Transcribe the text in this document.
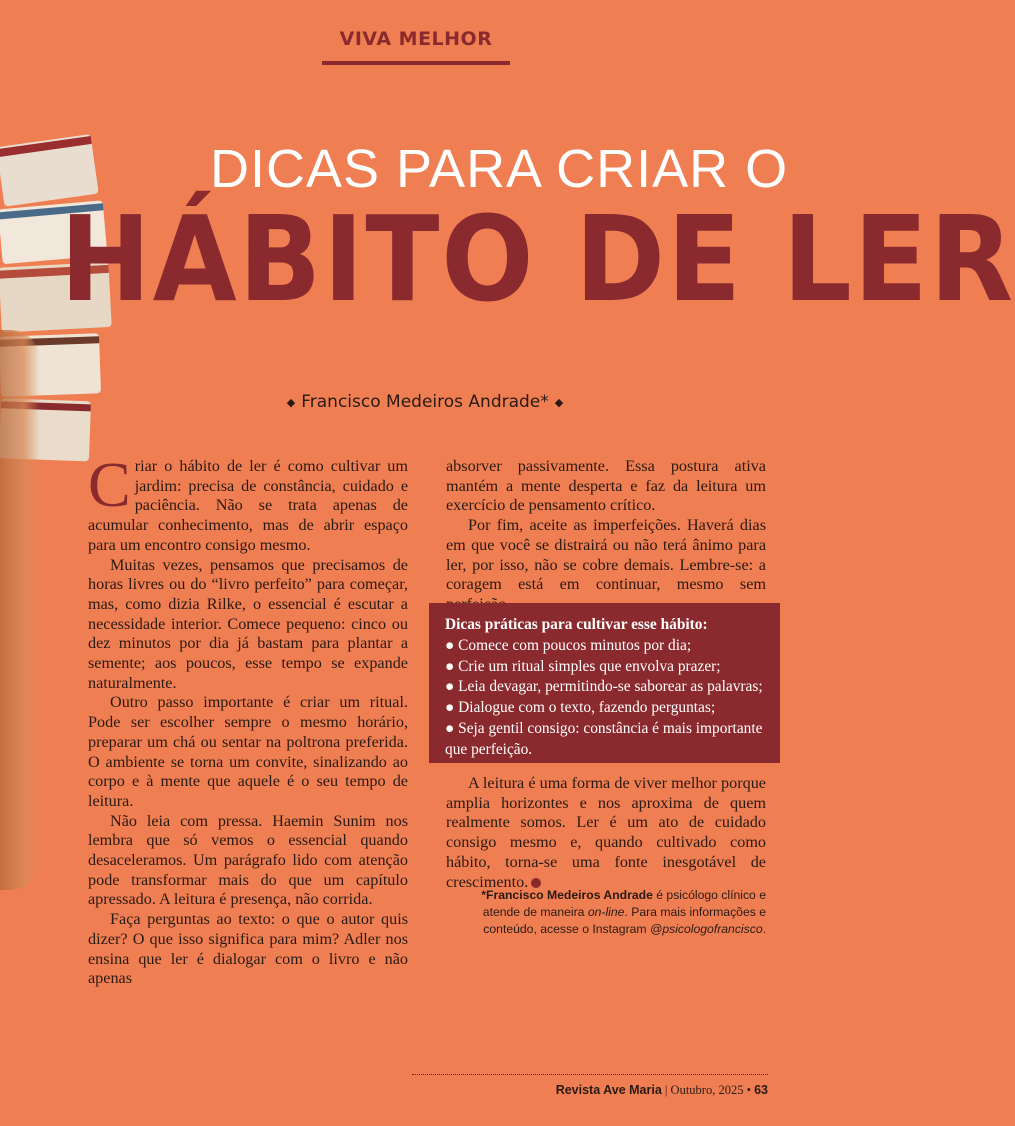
VIVA MELHOR
DICAS PARA CRIAR O
HÁBITO DE LER
◆ Francisco Medeiros Andrade* ◆

Criar o hábito de ler é como cultivar um jardim: precisa de constância, cuidado e paciência. Não se trata apenas de acumular conhecimento, mas de abrir espaço para um encontro consigo mesmo.

Muitas vezes, pensamos que precisamos de horas livres ou do “livro perfeito” para começar, mas, como dizia Rilke, o essencial é escutar a necessidade interior. Comece pequeno: cinco ou dez minutos por dia já bastam para plantar a semente; aos poucos, esse tempo se expande naturalmente.

Outro passo importante é criar um ritual. Pode ser escolher sempre o mesmo horário, preparar um chá ou sentar na poltrona preferida. O ambiente se torna um convite, sinalizando ao corpo e à mente que aquele é o seu tempo de leitura.

Não leia com pressa. Haemin Sunim nos lembra que só vemos o essencial quando desaceleramos. Um parágrafo lido com atenção pode transformar mais do que um capítulo apressado. A leitura é presença, não corrida.

Faça perguntas ao texto: o que o autor quis dizer? O que isso significa para mim? Adler nos ensina que ler é dialogar com o livro e não apenas

absorver passivamente. Essa postura ativa mantém a mente desperta e faz da leitura um exercício de pensamento crítico.

Por fim, aceite as imperfeições. Haverá dias em que você se distrairá ou não terá ânimo para ler, por isso, não se cobre demais. Lembre-se: a coragem está em continuar, mesmo sem

Dicas práticas para cultivar esse hábito:

● Comece com poucos minutos por dia;

● Crie um ritual simples que envolva prazer;

● Leia devagar, permitindo-se saborear as palavras;

● Dialogue com o texto, fazendo perguntas;

● Seja gentil consigo: constância é mais importante que perfeição.

A leitura é uma forma de viver melhor porque amplia horizontes e nos aproxima de quem realmente somos. Ler é um ato de cuidado consigo mesmo e, quando cultivado como hábito, torna-se uma fonte inesgotável de crescimento.

*Francisco Medeiros Andrade é psicólogo clínico e atende de maneira on-line. Para mais informações e conteúdo, acesse o Instagram @psicologofrancisco.
Revista Ave Maria | Outubro, 2025 • 63
